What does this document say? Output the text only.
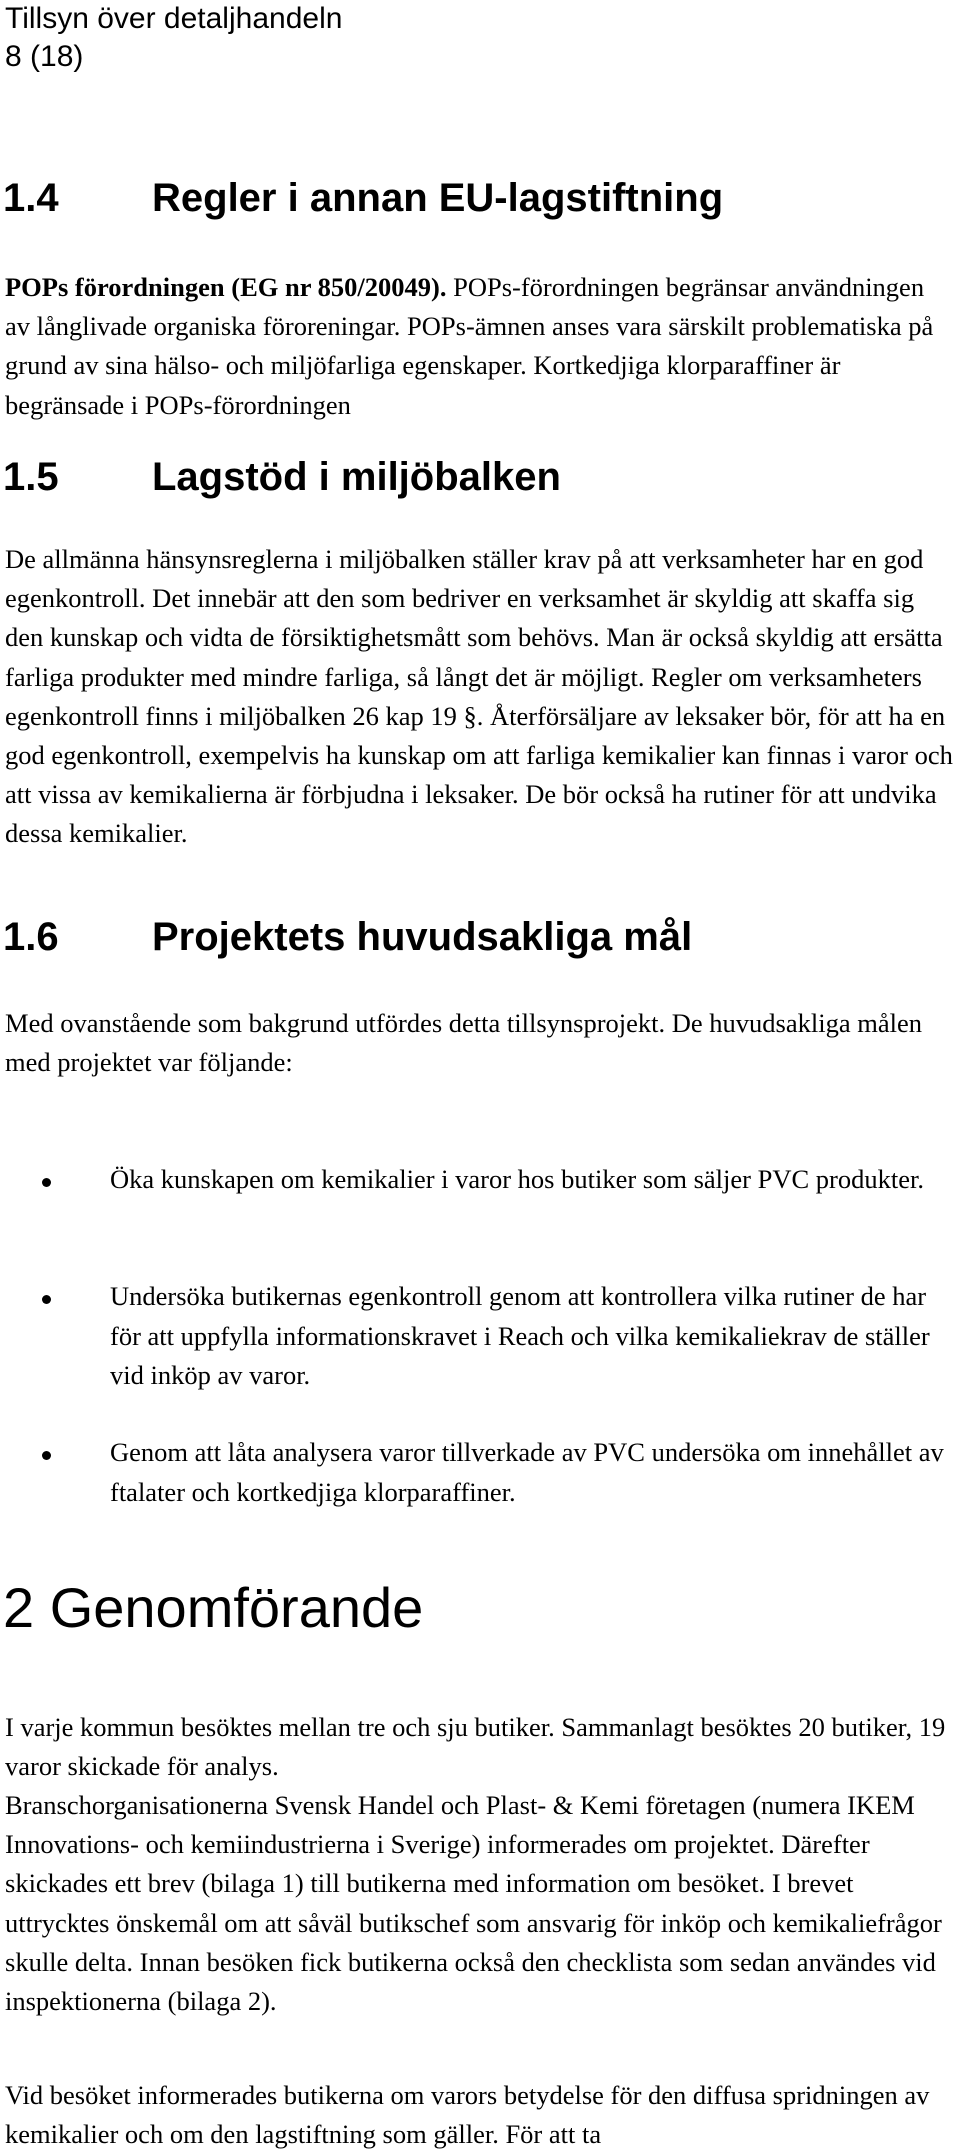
Tillsyn över detaljhandeln
8 (18)
1.4 Regler i annan EU-lagstiftning

POPs förordningen (EG nr 850/20049). POPs-förordningen begränsar användningen av långlivade organiska föroreningar. POPs-ämnen anses vara särskilt problematiska på grund av sina hälso- och miljöfarliga egenskaper. Kortkedjiga klorparaffiner är begränsade i POPs-förordningen

1.5 Lagstöd i miljöbalken

De allmänna hänsynsreglerna i miljöbalken ställer krav på att verksamheter har en god egenkontroll. Det innebär att den som bedriver en verksamhet är skyldig att skaffa sig den kunskap och vidta de försiktighetsmått som behövs. Man är också skyldig att ersätta farliga produkter med mindre farliga, så långt det är möjligt. Regler om verksamheters egenkontroll finns i miljöbalken 26 kap 19 §. Återförsäljare av leksaker bör, för att ha en god egenkontroll, exempelvis ha kunskap om att farliga kemikalier kan finnas i varor och att vissa av kemikalierna är förbjudna i leksaker. De bör också ha rutiner för att undvika dessa kemikalier.

1.6 Projektets huvudsakliga mål

Med ovanstående som bakgrund utfördes detta tillsynsprojekt. De huvudsakliga målen med projektet var följande:

Öka kunskapen om kemikalier i varor hos butiker som säljer PVC produkter.

Undersöka butikernas egenkontroll genom att kontrollera vilka rutiner de har för att uppfylla informationskravet i Reach och vilka kemikaliekrav de ställer vid inköp av varor.

Genom att låta analysera varor tillverkade av PVC undersöka om innehållet av ftalater och kortkedjiga klorparaffiner.

2 Genomförande

I varje kommun besöktes mellan tre och sju butiker. Sammanlagt besöktes 20 butiker, 19 varor skickade för analys.

Branschorganisationerna Svensk Handel och Plast- & Kemi företagen (numera IKEM Innovations- och kemiindustrierna i Sverige) informerades om projektet. Därefter skickades ett brev (bilaga 1) till butikerna med information om besöket. I brevet uttrycktes önskemål om att såväl butikschef som ansvarig för inköp och kemikaliefrågor skulle delta. Innan besöken fick butikerna också den checklista som sedan användes vid inspektionerna (bilaga 2).

Vid besöket informerades butikerna om varors betydelse för den diffusa spridningen av kemikalier och om den lagstiftning som gäller. För att ta
